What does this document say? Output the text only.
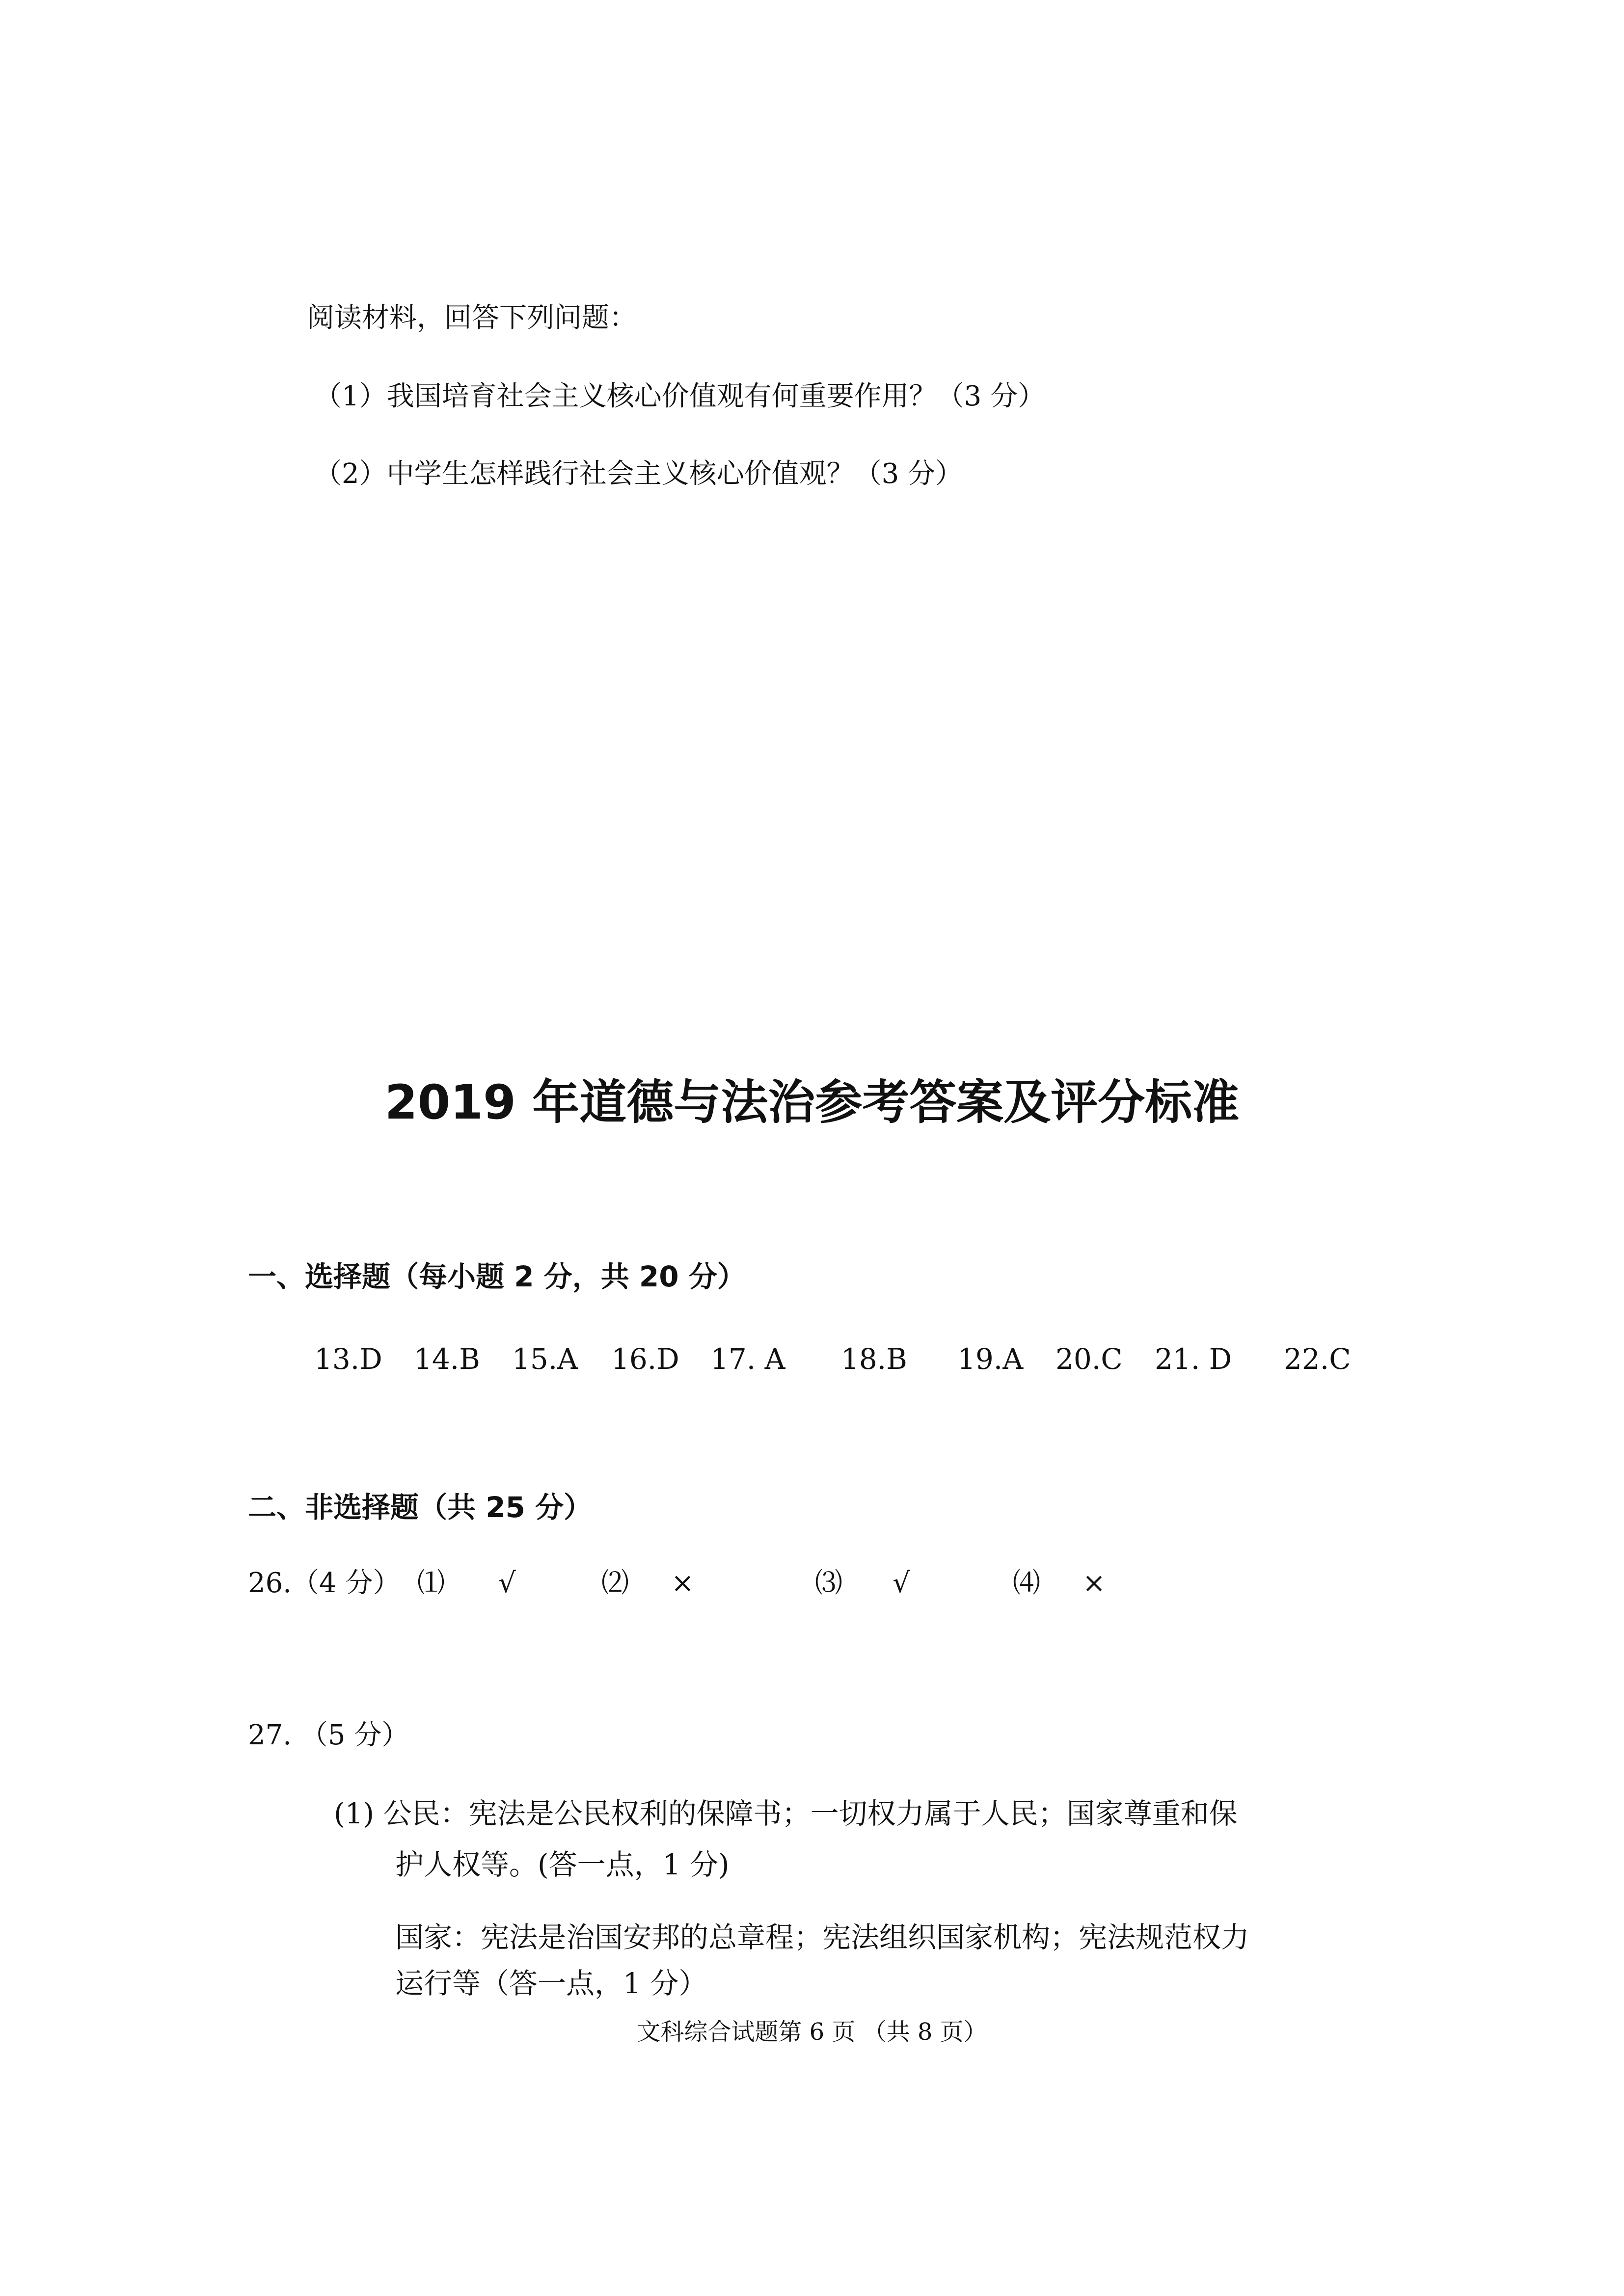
阅读材料，回答下列问题：
（1）我国培育社会主义核心价值观有何重要作用？（3 分）
（2）中学生怎样践行社会主义核心价值观？（3 分）
2019 年道德与法治参考答案及评分标准
一、选择题（每小题 2 分，共 20 分）
13.D 14.B 15.A 16.D 17. A 18.B 19.A 20.C 21. D 22.C
二、非选择题（共 25 分）
26.（4 分） ⑴ √	⑵ ×	⑶ √	⑷ ×
27. （5 分）
(1) 公民：宪法是公民权利的保障书；一切权力属于人民；国家尊重和保
护人权等。(答一点，1 分)
国家：宪法是治国安邦的总章程；宪法组织国家机构；宪法规范权力
运行等（答一点，1 分）
文科综合试题第 6 页 （共 8 页）
